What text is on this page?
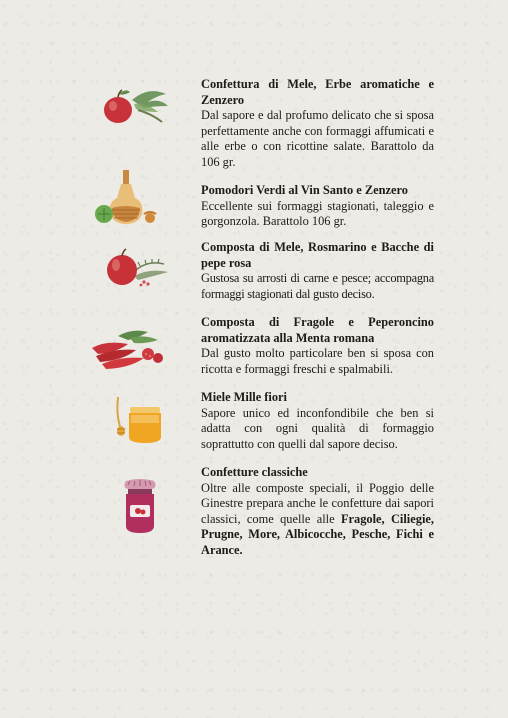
Confettura di Mele, Erbe aromatiche e Zenzero
Dal sapore e dal profumo delicato che si sposa perfettamente anche con formaggi affumicati e alle erbe o con ricottine salate. Barattolo da 106 gr.
Pomodori Verdi al Vin Santo e Zenzero
Eccellente sui formaggi stagionati, taleggio e gorgonzola. Barattolo 106 gr.
Composta di Mele, Rosmarino e Bacche di pepe rosa
Gustosa su arrosti di carne e pesce; accompagna formaggi stagionati dal gusto deciso.
Composta di Fragole e Peperoncino aromatizzata alla Menta romana
Dal gusto molto particolare ben si sposa con ricotta e formaggi freschi e spalmabili.
Miele Mille fiori
Sapore unico ed inconfondibile che ben si adatta con ogni qualità di formaggio soprattutto con quelli dal sapore deciso.
Confetture classiche
Oltre alle composte speciali, il Poggio delle Ginestre prepara anche le confetture dai sapori classici, come quelle alle Fragole, Ciliegie, Prugne, More, Albicocche, Pesche, Fichi e Arance.
